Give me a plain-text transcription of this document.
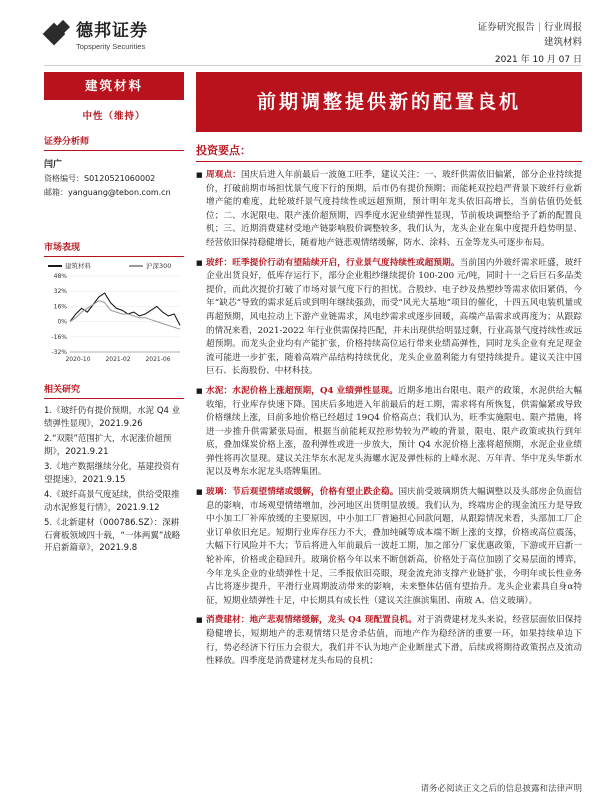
德邦证券
Topsperity Securities
证券研究报告 | 行业周报
建筑材料
2021 年 10 月 07 日
建筑材料
中性（维持）
证券分析师
闫广
资格编号：S0120521060002
邮箱：yanguang@tebon.com.cn
市场表现
建筑材料	沪深300
48%
32%
16%
0%
-16%
-32%
2020-10 2021-02 2021-06
相关研究
1.《玻纤仍有提价预期，水泥 Q4 业绩弹性显现》，2021.9.26
2.“双限”范围扩大，水泥涨价超预期》，2021.9.21
3.《地产数据继续分化，基建投资有望提速》，2021.9.15
4.《玻纤高景气度延续，供给受限推动水泥修复行情》，2021.9.12
5.《北新建材（000786.SZ）：深耕石膏板领域四十载，“一体两翼”战略开启新篇章》，2021.9.8
前期调整提供新的配置良机
投资要点：
■ 周观点：国庆后进入年前最后一波施工旺季，建议关注：一、玻纤供需依旧偏紧，部分企业持续提价，打破前期市场担忧景气度下行的预期，后市仍有提价预期；而能耗双控趋严背景下玻纤行业新增产能的难度，此轮玻纤景气度持续性或远超预期，预计明年龙头依旧高增长，当前估值仍处低位；二、水泥限电、限产涨价超预期，四季度水泥业绩弹性显现，节前板块调整给予了新的配置良机；三、近期消费建材受地产链影响股价调整较多，我们认为，龙头企业在集中度提升趋势明显、经营依旧保持稳健增长，随着地产链悲观情绪缓解，防水、涂料、五金等龙头可逐步布局。
■ 玻纤：旺季提价行动有望陆续开启，行业景气度持续性或超预期。当前国内外玻纤需求旺盛，玻纤企业出货良好，低库存运行下，部分企业粗纱继续提价 100-200 元/吨，同时十一之后巨石多品类提价，而此次提价打破了市场对景气度下行的担忧。合股纱、电子纱及热塑纱等需求依旧紧俏，今年“缺芯”导致的需求延后或到明年继续强劲，而受“风光大基地”项目的催化，十四五风电装机量或再超预期，风电拉动上下游产业链需求，风电纱需求或逐步回暖，高端产品需求或再度为；从跟踪的情况来看，2021-2022 年行业供需保持匹配，并未出现供给明显过剩，行业高景气度持续性或远超预期。而龙头企业均有产能扩张，价格持续高位运行带来业绩高弹性，同时龙头企业有充足现金流可能进一步扩张，随着高端产品结构持续优化，龙头企业盈利能力有望持续提升。建议关注中国巨石、长海股份、中材科技。
■ 水泥：水泥价格上涨超预期，Q4 业绩弹性显现。近期多地出台限电、限产的政策，水泥供给大幅收缩，行业库存快速下降。国庆后多地进入年前最后的赶工期，需求将有所恢复，供需偏紧或导致价格继续上涨，目前多地价格已经超过 19Q4 价格高点；我们认为，旺季实施限电、限产措施，将进一步推升供需紧张局面，根据当前能耗双控形势较为严峻的背景，限电、限产政策或执行到年底，叠加煤炭价格上涨，盈利弹性或进一步放大，预计 Q4 水泥价格上涨将超预期，水泥企业业绩弹性将再次显现。建议关注华东水泥龙头海螺水泥及弹性标的上峰水泥、万年青、华中龙头华新水泥以及粤东水泥龙头塔牌集团。
■ 玻璃：节后观望情绪或缓解，价格有望止跌企稳。国庆前受玻璃期货大幅调整以及头部房企负面信息的影响，市场观望情绪增加，沙河地区出货明显放缓。我们认为，终端房企的现金流压力是导致中小加工厂补库放缓的主要原因，中小加工厂普遍担心回款问题，从跟踪情况来看，头部加工厂企业订单依旧充足。短期行业库存压力不大，叠加纯碱等成本端不断上涨的支撑，价格或高位震荡，大幅下行风险并不大；节后将进入年前最后一波赶工期，加之部分厂家优惠政策，下游或开启新一轮补库，价格或企稳回升。玻璃价格今年以来不断创新高，价格处于高位加剧了交易层面的博弈，今年龙头企业的业绩弹性十足，三季报依旧亮眼，现金流充沛支撑产业链扩张，今明年或长性业务占比将逐步提升，平滑行业周期波动带来的影响，未来整体估值有望抬升。龙头企业素具自身α特征，短期业绩弹性十足，中长期具有成长性（建议关注旗滨集团、南玻 A、信义玻璃）。
■ 消费建材：地产悲观情绪缓解，龙头 Q4 现配置良机。对于消费建材龙头来说，经营层面依旧保持稳健增长，短期地产的悲观情绪只是舍杀估值，而地产作为稳经济的重要一环，如果持续单边下行，势必经济下行压力会很大，我们并不认为地产企业断崖式下滑，后续或将期待政策拐点及流动性释放。四季度是消费建材龙头布局的良机；
请务必阅读正文之后的信息披露和法律声明
